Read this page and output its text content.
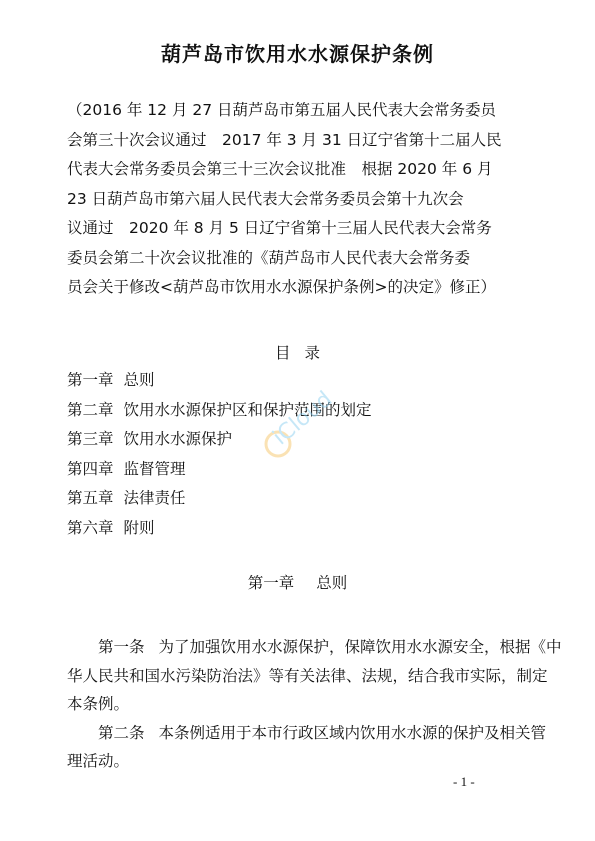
葫芦岛市饮用水水源保护条例
（2016 年 12 月 27 日葫芦岛市第五届人民代表大会常务委员
会第三十次会议通过　2017 年 3 月 31 日辽宁省第十二届人民
代表大会常务委员会第三十三次会议批准　根据 2020 年 6 月
23 日葫芦岛市第六届人民代表大会常务委员会第十九次会
议通过　2020 年 8 月 5 日辽宁省第十三届人民代表大会常务
委员会第二十次会议批准的《葫芦岛市人民代表大会常务委
员会关于修改<葫芦岛市饮用水水源保护条例>的决定》修正）
目录
第一章 总则
第二章 饮用水水源保护区和保护范围的划定
第三章 饮用水水源保护
第四章 监督管理
第五章 法律责任
第六章 附则
第一章 总则
　　第一条 为了加强饮用水水源保护，保障饮用水水源安全，根据《中
华人民共和国水污染防治法》等有关法律、法规，结合我市实际，制定
本条例。
　　第二条 本条例适用于本市行政区域内饮用水水源的保护及相关管
理活动。
- 1 -
iCloud
